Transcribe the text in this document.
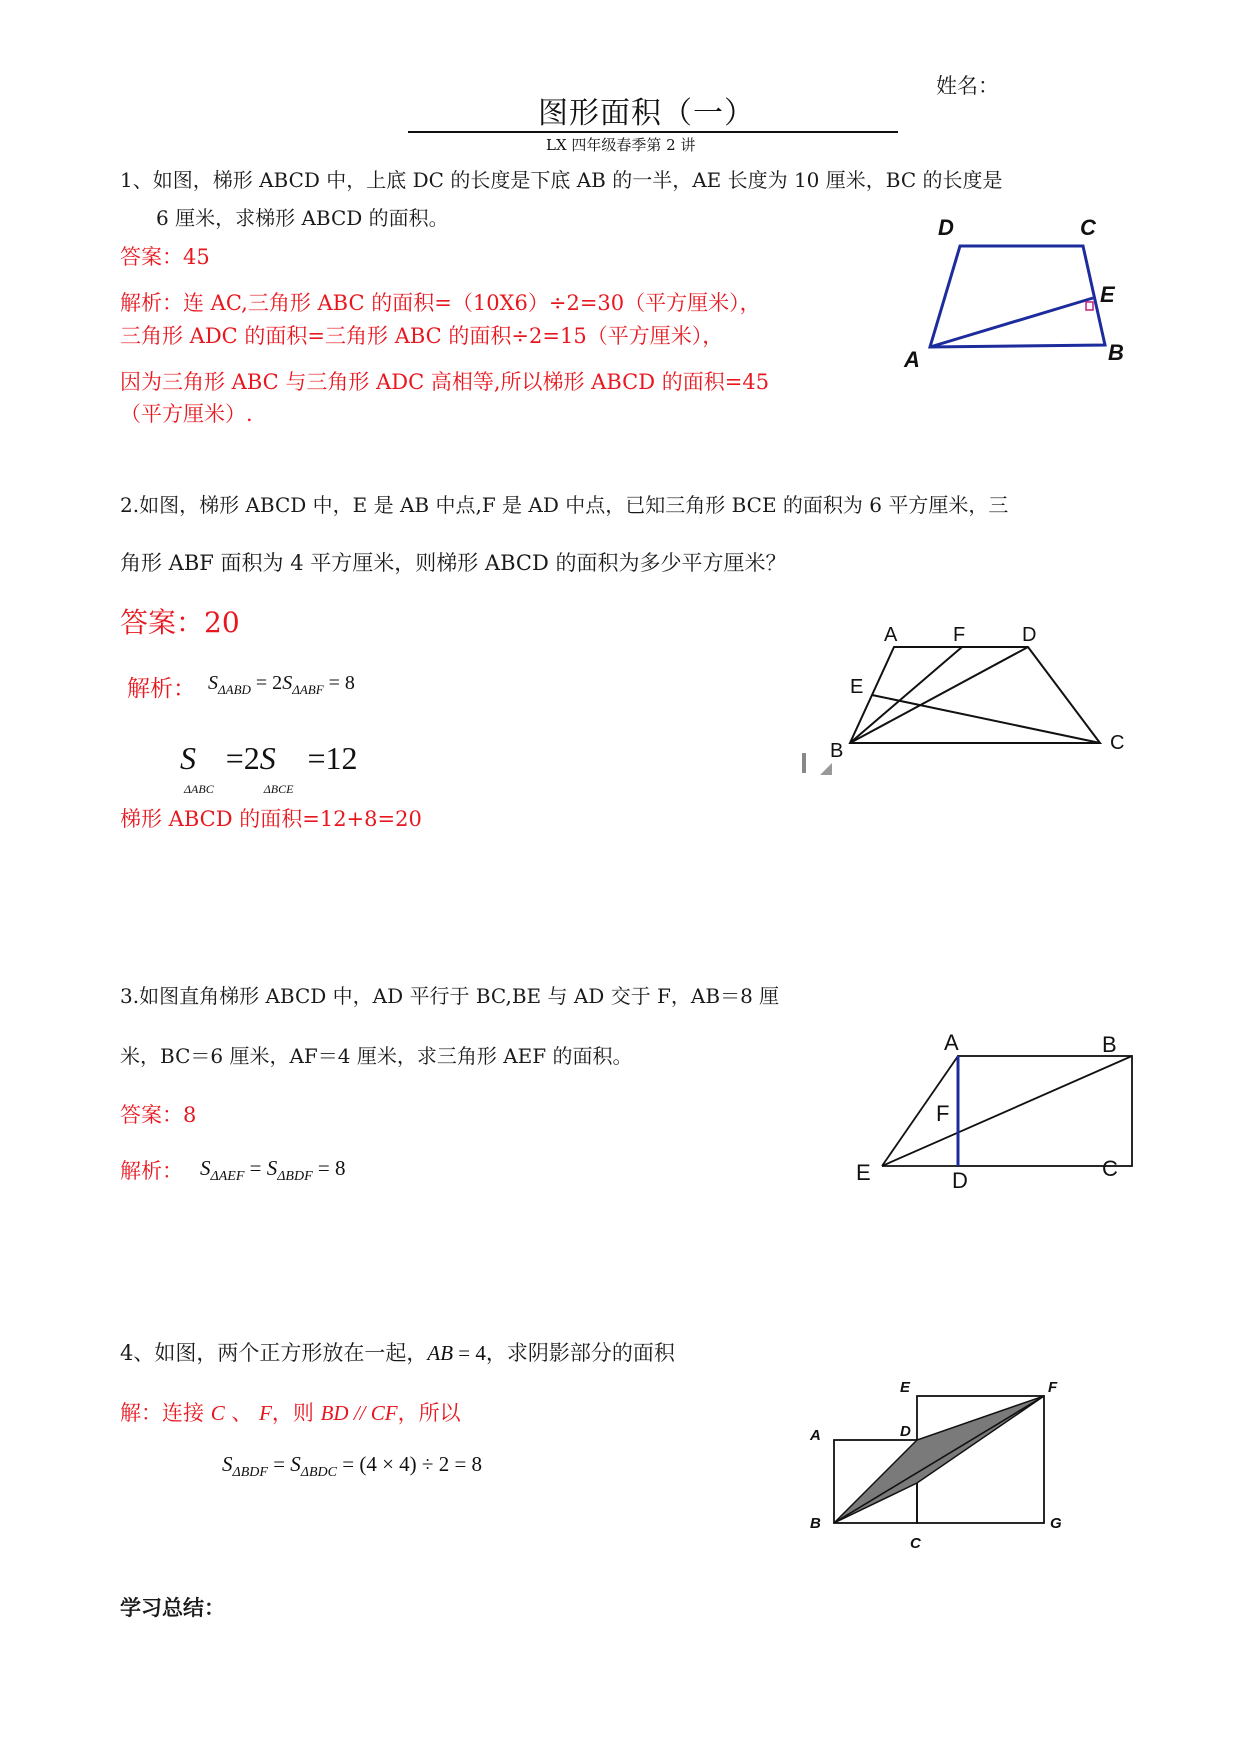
姓名：
图形面积（一）
LX 四年级春季第 2 讲
1、如图，梯形 ABCD 中，上底 DC 的长度是下底 AB 的一半，AE 长度为 10 厘米，BC 的长度是
6 厘米，求梯形 ABCD 的面积。
答案：45
解析：连 AC,三角形 ABC 的面积=（10X6）÷2=30（平方厘米），
三角形 ADC 的面积=三角形 ABC 的面积÷2=15（平方厘米），
因为三角形 ABC 与三角形 ADC 高相等,所以梯形 ABCD 的面积=45
（平方厘米）.
D	C
E
A	B
2.如图，梯形 ABCD 中，E 是 AB 中点,F 是 AD 中点，已知三角形 BCE 的面积为 6 平方厘米，三
角形 ABF 面积为 4 平方厘米，则梯形 ABCD 的面积为多少平方厘米？
答案：20
解析： $S_{\Delta ABD} = 2S_{\Delta ABF} = 8$
$S_{\Delta ABC} =2S_{\Delta BCE} =12$
梯形 ABCD 的面积=12+8=20
A	F	D
E
B	C
3.如图直角梯形 ABCD 中，AD 平行于 BC,BE 与 AD 交于 F，AB＝8 厘
米，BC＝6 厘米，AF＝4 厘米，求三角形 AEF 的面积。
答案：8
解析： $S_{\Delta AEF} = S_{\Delta BDF} = 8$
A	B
F
E	D	C
4、如图，两个正方形放在一起，AB = 4，求阴影部分的面积
解：连接 C 、 F，则 BD // CF，所以
$S_{\Delta BDF} = S_{\Delta BDC} = (4 \times 4) \div 2 = 8$
E	F
A	D
B	G
C
学习总结：
